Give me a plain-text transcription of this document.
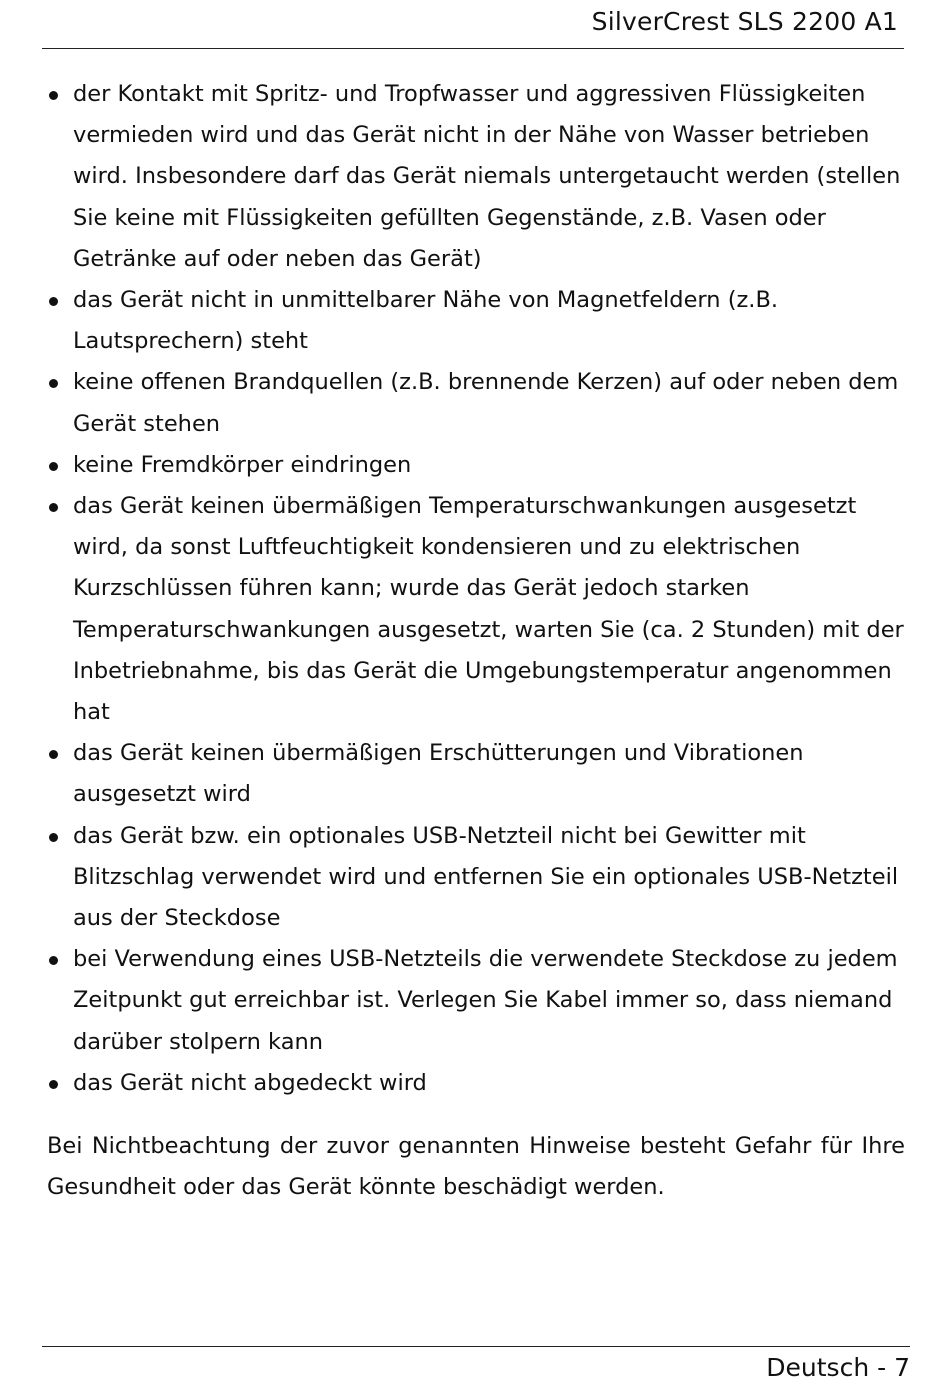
SilverCrest SLS 2200 A1
der Kontakt mit Spritz- und Tropfwasser und aggressiven Flüssigkeiten vermieden wird und das Gerät nicht in der Nähe von Wasser betrieben wird. Insbesondere darf das Gerät niemals untergetaucht werden (stellen Sie keine mit Flüssigkeiten gefüllten Gegenstände, z.B. Vasen oder Getränke auf oder neben das Gerät)
das Gerät nicht in unmittelbarer Nähe von Magnetfeldern (z.B. Lautsprechern) steht
keine offenen Brandquellen (z.B. brennende Kerzen) auf oder neben dem Gerät stehen
keine Fremdkörper eindringen
das Gerät keinen übermäßigen Temperaturschwankungen ausgesetzt wird, da sonst Luftfeuchtigkeit kondensieren und zu elektrischen Kurzschlüssen führen kann; wurde das Gerät jedoch starken Temperaturschwankungen ausgesetzt, warten Sie (ca. 2 Stunden) mit der Inbetriebnahme, bis das Gerät die Umgebungstemperatur angenommen hat
das Gerät keinen übermäßigen Erschütterungen und Vibrationen ausgesetzt wird
das Gerät bzw. ein optionales USB-Netzteil nicht bei Gewitter mit Blitzschlag verwendet wird und entfernen Sie ein optionales USB-Netzteil aus der Steckdose
bei Verwendung eines USB-Netzteils die verwendete Steckdose zu jedem Zeitpunkt gut erreichbar ist. Verlegen Sie Kabel immer so, dass niemand darüber stolpern kann
das Gerät nicht abgedeckt wird

Bei Nichtbeachtung der zuvor genannten Hinweise besteht Gefahr für Ihre Gesundheit oder das Gerät könnte beschädigt werden.

Deutsch - 7
